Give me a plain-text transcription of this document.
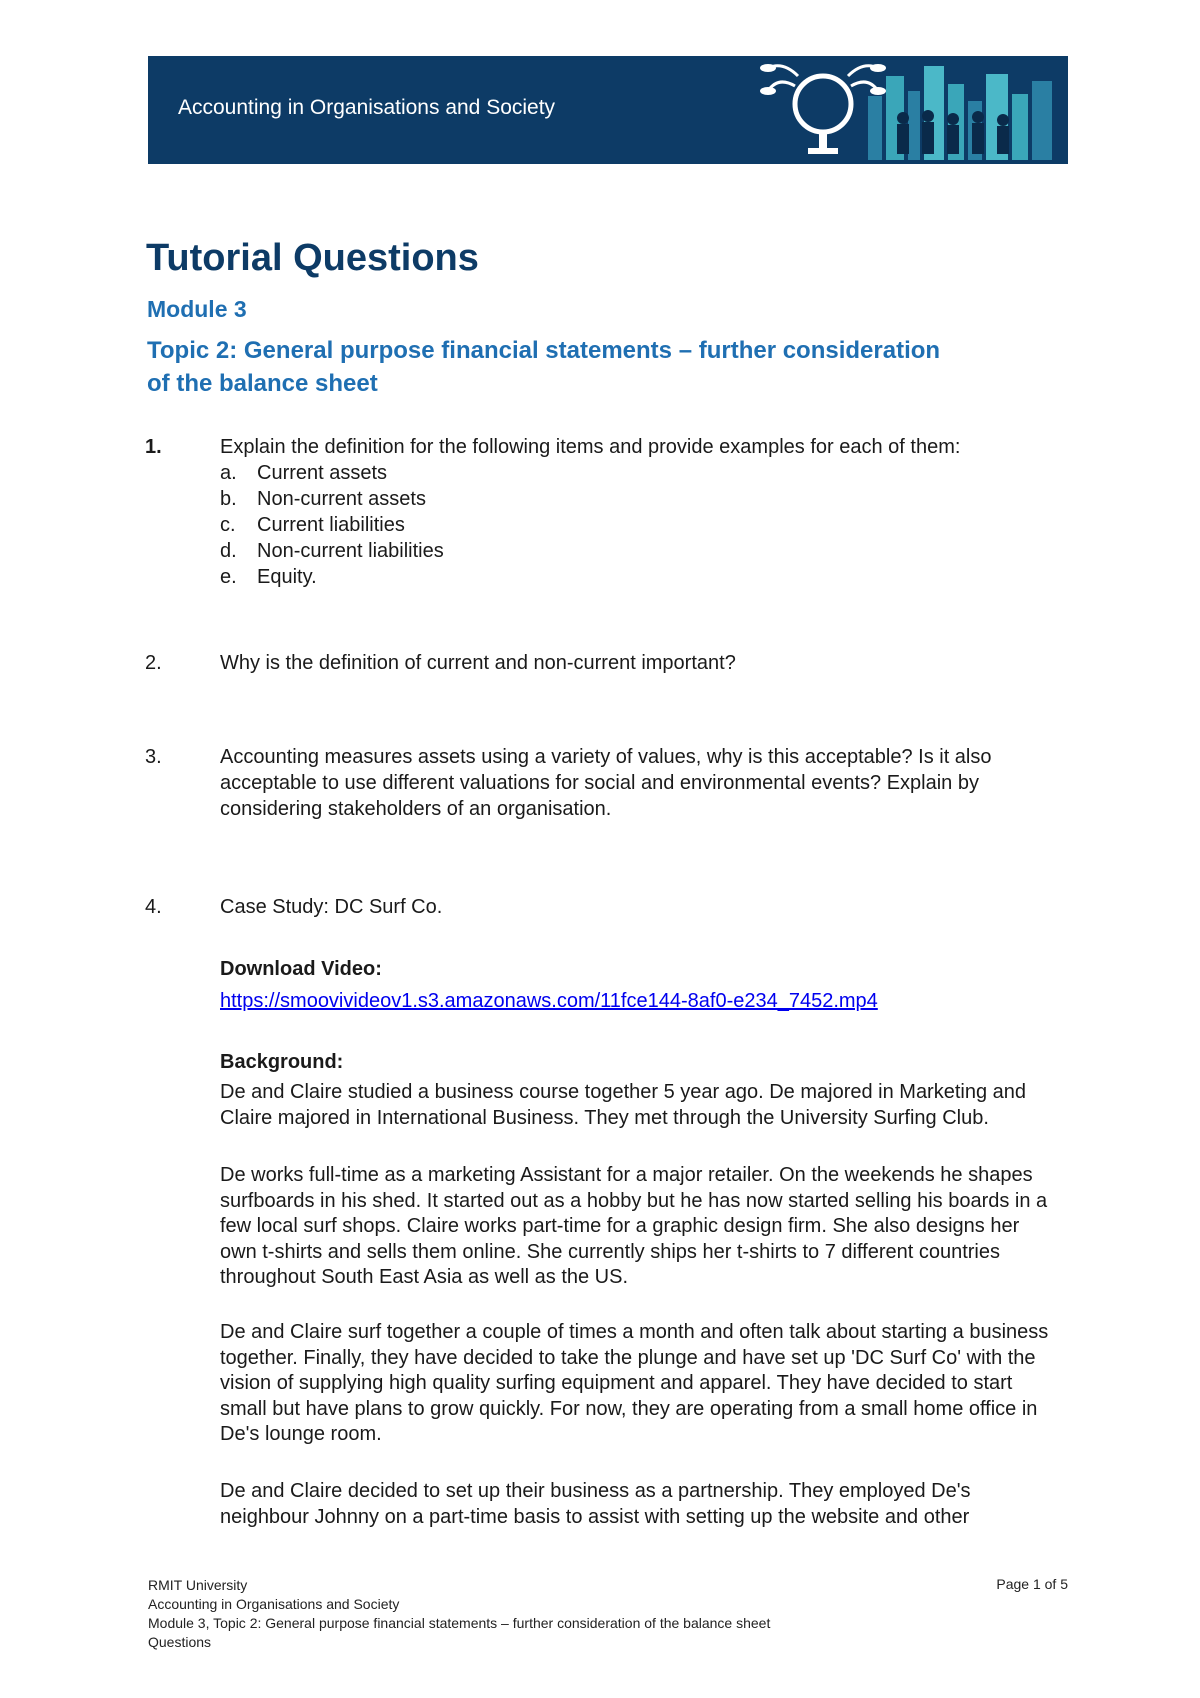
Accounting in Organisations and Society
Tutorial Questions
Module 3
Topic 2: General purpose financial statements – further consideration of the balance sheet
1.	Explain the definition for the following items and provide examples for each of them:
a. Current assets
b. Non-current assets
c. Current liabilities
d. Non-current liabilities
e. Equity.
2.	Why is the definition of current and non-current important?
3.	Accounting measures assets using a variety of values, why is this acceptable? Is it also acceptable to use different valuations for social and environmental events? Explain by considering stakeholders of an organisation.
4.	Case Study: DC Surf Co.
Download Video:
https://smoovivideov1.s3.amazonaws.com/11fce144-8af0-e234_7452.mp4
Background:
De and Claire studied a business course together 5 year ago. De majored in Marketing and Claire majored in International Business. They met through the University Surfing Club.
De works full-time as a marketing Assistant for a major retailer. On the weekends he shapes surfboards in his shed. It started out as a hobby but he has now started selling his boards in a few local surf shops. Claire works part-time for a graphic design firm. She also designs her own t-shirts and sells them online. She currently ships her t-shirts to 7 different countries throughout South East Asia as well as the US.
De and Claire surf together a couple of times a month and often talk about starting a business together. Finally, they have decided to take the plunge and have set up 'DC Surf Co' with the vision of supplying high quality surfing equipment and apparel. They have decided to start small but have plans to grow quickly. For now, they are operating from a small home office in De's lounge room.
De and Claire decided to set up their business as a partnership. They employed De's neighbour Johnny on a part-time basis to assist with setting up the website and other
RMIT University
Accounting in Organisations and Society
Module 3, Topic 2: General purpose financial statements – further consideration of the balance sheet
Questions
Page 1 of 5
